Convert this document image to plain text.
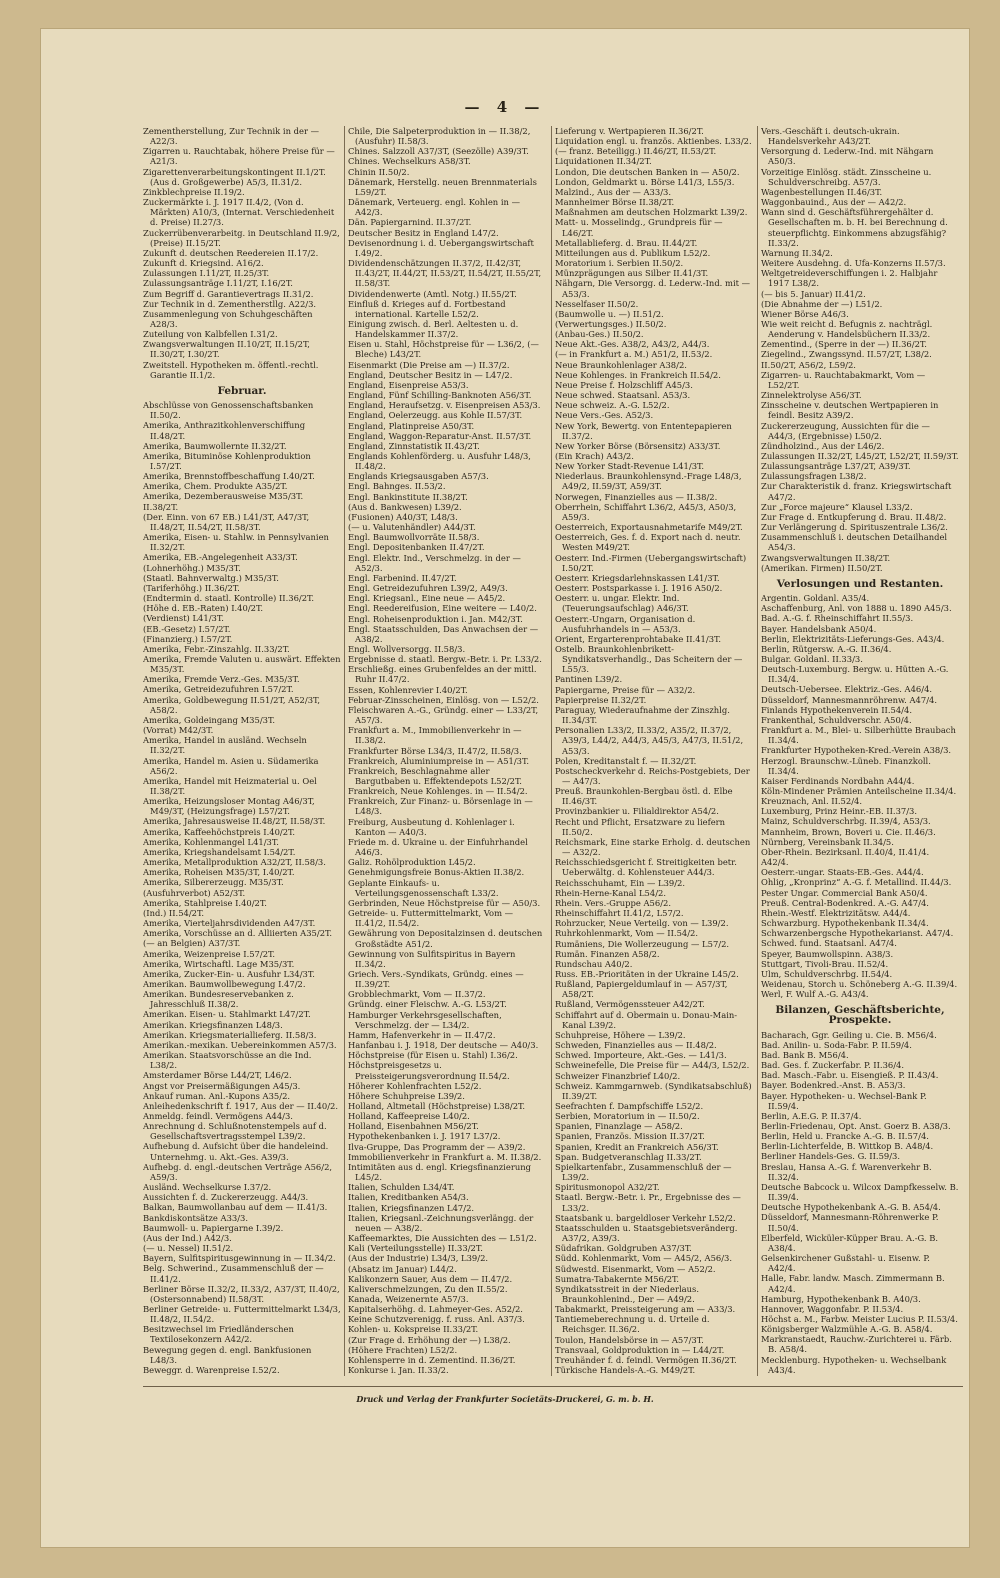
— 4 —

Zementherstellung, Zur Technik in der — A22/3.

Zigarren u. Rauchtabak, höhere Preise für — A21/3.

Zigarettenverarbeitungskontingent II.1/2T. (Aus d. Großgewerbe) A5/3, II.31/2.

Zinkblechpreise II.19/2.

Zuckermärkte i. J. 1917 II.4/2, (Von d. Märkten) A10/3, (Internat. Verschiedenheit d. Preise) II.27/3.

Zuckerrübenverarbeitg. in Deutschland II.9/2, (Preise) II.15/2T.

Zukunft d. deutschen Reedereien II.17/2.

Zukunft d. Kriegsind. A16/2.

Zulassungen I.11/2T, II.25/3T.

Zulassungsanträge I.11/2T, I.16/2T.

Zum Begriff d. Garantievertrags II.31/2.

Zur Technik in d. Zementherstllg. A22/3.

Zusammenlegung von Schuhgeschäften A28/3.

Zuteilung von Kalbfellen I.31/2.

Zwangsverwaltungen II.10/2T, II.15/2T, II.30/2T, I.30/2T.

Zweitstell. Hypotheken m. öffentl.-rechtl. Garantie II.1/2.

Februar.

Abschlüsse von Genossenschaftsbanken II.50/2.

Amerika, Anthrazitkohlenverschiffung II.48/2T.

Amerika, Baumwollernte II.32/2T.

Amerika, Bituminöse Kohlenproduktion I.57/2T.

Amerika, Brennstoffbeschaffung I.40/2T.

Amerika, Chem. Produkte A35/2T.

Amerika, Dezemberausweise M35/3T.

II.38/2T.

(Der. Einn. von 67 EB.) L41/3T, A47/3T, II.48/2T, II.54/2T, II.58/3T.

Amerika, Eisen- u. Stahlw. in Pennsylvanien II.32/2T.

Amerika, EB.-Angelegenheit A33/3T.

(Lohnerhöhg.) M35/3T.

(Staatl. Bahnverwaltg.) M35/3T.

(Tariferhöhg.) II.36/2T.

(Endtermin d. staatl. Kontrolle) II.36/2T.

(Höhe d. EB.-Raten) I.40/2T.

(Verdienst) L41/3T.

(EB.-Gesetz) I.57/2T.

(Finanzierg.) I.57/2T.

Amerika, Febr.-Zinszahlg. II.33/2T.

Amerika, Fremde Valuten u. auswärt. Effekten M35/3T.

Amerika, Fremde Verz.-Ges. M35/3T.

Amerika, Getreidezufuhren I.57/2T.

Amerika, Goldbewegung II.51/2T, A52/3T, A58/2.

Amerika, Goldeingang M35/3T.

(Vorrat) M42/3T.

Amerika, Handel in ausländ. Wechseln II.32/2T.

Amerika, Handel m. Asien u. Südamerika A56/2.

Amerika, Handel mit Heizmaterial u. Oel II.38/2T.

Amerika, Heizungsloser Montag A46/3T, M49/3T, (Heizungsfrage) L57/2T.

Amerika, Jahresausweise II.48/2T, II.58/3T.

Amerika, Kaffeehöchstpreis I.40/2T.

Amerika, Kohlenmangel L41/3T.

Amerika, Kriegshandelsamt I.54/2T.

Amerika, Metallproduktion A32/2T, II.58/3.

Amerika, Roheisen M35/3T, I.40/2T.

Amerika, Silbererzeugg. M35/3T.

(Ausfuhrverbot) A52/3T.

Amerika, Stahlpreise I.40/2T.

(Ind.) II.54/2T.

Amerika, Vierteljahrsdividenden A47/3T.

Amerika, Vorschüsse an d. Alliierten A35/2T.

(— an Belgien) A37/3T.

Amerika, Weizenpreise I.57/2T.

Amerika, Wirtschaftl. Lage M35/3T.

Amerika, Zucker-Ein- u. Ausfuhr L34/3T.

Amerikan. Baumwollbewegung I.47/2.

Amerikan. Bundesreservebanken z. Jahresschluß II.38/2.

Amerikan. Eisen- u. Stahlmarkt L47/2T.

Amerikan. Kriegsfinanzen L48/3.

Amerikan. Kriegsmateriallieferg. II.58/3.

Amerikan.-mexikan. Uebereinkommen A57/3.

Amerikan. Staatsvorschüsse an die Ind. L38/2.

Amsterdamer Börse L44/2T, L46/2.

Angst vor Preisermäßigungen A45/3.

Ankauf ruman. Anl.-Kupons A35/2.

Anleihedenkschrift f. 1917, Aus der — II.40/2.

Anmeldg. feindl. Vermögens A44/3.

Anrechnung d. Schlußnotenstempels auf d. Gesellschaftsvertragsstempel L39/2.

Aufhebung d. Aufsicht über die handeleind. Unternehmg. u. Akt.-Ges. A39/3.

Aufhebg. d. engl.-deutschen Verträge A56/2, A59/3.

Ausländ. Wechselkurse I.37/2.

Aussichten f. d. Zuckererzeugg. A44/3.

Balkan, Baumwollanbau auf dem — II.41/3.

Bankdiskontsätze A33/3.

Baumwoll- u. Papiergarne I.39/2.

(Aus der Ind.) A42/3.

(— u. Nessel) II.51/2.

Bayern, Sulfitspiritusgewinnung in — II.34/2.

Belg. Schwerind., Zusammenschluß der — II.41/2.

Berliner Börse II.32/2, II.33/2, A37/3T, II.40/2, (Ostersonnabend) II.58/3T.

Berliner Getreide- u. Futtermittelmarkt L34/3, II.48/2, II.54/2.

Besitzwechsel im Friedländerschen Textilosekonzern A42/2.

Bewegung gegen d. engl. Bankfusionen L48/3.

Beweggr. d. Warenpreise I.52/2.

Chile, Die Salpeterproduktion in — II.38/2, (Ausfuhr) II.58/3.

Chines. Salzzoll A37/3T, (Seezölle) A39/3T.

Chines. Wechselkurs A58/3T.

Chinin II.50/2.

Dänemark, Herstellg. neuen Brennmaterials L59/2T.

Dänemark, Verteuerg. engl. Kohlen in — A42/3.

Dän. Papiergarnind. II.37/2T.

Deutscher Besitz in England L47/2.

Devisenordnung i. d. Uebergangswirtschaft I.49/2.

Dividendenschätzungen II.37/2, II.42/3T, II.43/2T, II.44/2T, II.53/2T, II.54/2T, II.55/2T, II.58/3T.

Dividendenwerte (Amtl. Notg.) II.55/2T.

Einfluß d. Krieges auf d. Fortbestand international. Kartelle L52/2.

Einigung zwisch. d. Berl. Aeltesten u. d. Handelskammer II.37/2.

Eisen u. Stahl, Höchstpreise für — L36/2, (— Bleche) L43/2T.

Eisenmarkt (Die Preise am —) II.37/2.

England, Deutscher Besitz in — L47/2.

England, Eisenpreise A53/3.

England, Fünf Schilling-Banknoten A56/3T.

England, Heraufsetzg. v. Eisenpreisen A53/3.

England, Oelerzeugg. aus Kohle II.57/3T.

England, Platinpreise A50/3T.

England, Waggon-Reparatur-Anst. II.57/3T.

England, Zinnstatistik II.43/2T.

Englands Kohlenförderg. u. Ausfuhr L48/3, II.48/2.

Englands Kriegsausgaben A57/3.

Engl. Bahnges. II.53/2.

Engl. Bankinstitute II.38/2T.

(Aus d. Bankwesen) L39/2.

(Fusionen) A40/3T, L48/3.

(— u. Valutenhändler) A44/3T.

Engl. Baumwollvorräte II.58/3.

Engl. Depositenbanken II.47/2T.

Engl. Elektr. Ind., Verschmelzg. in der — A52/3.

Engl. Farbenind. II.47/2T.

Engl. Getreidezufuhren L39/2, A49/3.

Engl. Kriegsanl., Eine neue — A45/2.

Engl. Reedereifusion, Eine weitere — L40/2.

Engl. Roheisenproduktion i. Jan. M42/3T.

Engl. Staatsschulden, Das Anwachsen der — A38/2.

Engl. Wollversorgg. II.58/3.

Ergebnisse d. staatl. Bergw.-Betr. i. Pr. L33/2.

Erschließg. eines Grubenfeldes an der mittl. Ruhr II.47/2.

Essen, Kohlenrevier I.40/2T.

Februar-Zinsscheinen, Einlösg. von — L52/2.

Fleischwaren A.-G., Gründg. einer — L33/2T, A57/3.

Frankfurt a. M., Immobilienverkehr in — II.38/2.

Frankfurter Börse L34/3, II.47/2, II.58/3.

Frankreich, Aluminiumpreise in — A51/3T.

Frankreich, Beschlagnahme aller Bargutbaben u. Effektendepots L52/2T.

Frankreich, Neue Kohlenges. in — II.54/2.

Frankreich, Zur Finanz- u. Börsenlage in — L48/3.

Freiburg, Ausbeutung d. Kohlenlager i. Kanton — A40/3.

Friede m. d. Ukraine u. der Einfuhrhandel A46/3.

Galiz. Rohölproduktion L45/2.

Genehmigungsfreie Bonus-Aktien II.38/2.

Geplante Einkaufs- u. Verteilungsgenossenschaft L33/2.

Gerbrinden, Neue Höchstpreise für — A50/3.

Getreide- u. Futtermittelmarkt, Vom — II.41/2, II.54/2.

Gewährung von Depositalzinsen d. deutschen Großstädte A51/2.

Gewinnung von Sulfitspiritus in Bayern II.34/2.

Griech. Vers.-Syndikats, Gründg. eines — II.39/2T.

Grobblechmarkt, Vom — II.37/2.

Gründg. einer Fleischw. A.-G. L53/2T.

Hamburger Verkehrsgesellschaften, Verschmelzg. der — L34/2.

Hamm, Hafenverkehr in — II.47/2.

Hanfanbau i. J. 1918, Der deutsche — A40/3.

Höchstpreise (für Eisen u. Stahl) I.36/2.

Höchstpreisgesetzs u. Preissteigerungsverordnung II.54/2.

Höherer Kohlenfrachten L52/2.

Höhere Schuhpreise L39/2.

Holland, Altmetall (Höchstpreise) L38/2T.

Holland, Kaffeepreise L40/2.

Holland, Eisenbahnen M56/2T.

Hypothekenbanken i. J. 1917 L37/2.

Ilva-Gruppe, Das Programm der — A39/2.

Immobilienverkehr in Frankfurt a. M. II.38/2.

Intimitäten aus d. engl. Kriegsfinanzierung L45/2.

Italien, Schulden L34/4T.

Italien, Kreditbanken A54/3.

Italien, Kriegsfinanzen L47/2.

Italien, Kriegsanl.-Zeichnungsverlängg. der neuen — A38/2.

Kaffeemarktes, Die Aussichten des — L51/2.

Kali (Verteilungsstelle) II.33/2T.

(Aus der Industrie) L34/3, L39/2.

(Absatz im Januar) L44/2.

Kalikonzern Sauer, Aus dem — II.47/2.

Kaliverschmelzungen, Zu den II.55/2.

Kanada, Weizenernte A57/3.

Kapitalserhöhg. d. Lahmeyer-Ges. A52/2.

Keine Schutzverenigg. f. russ. Anl. A37/3.

Kohlen- u. Kokspreise II.33/2T.

(Zur Frage d. Erhöhung der —) L38/2.

(Höhere Frachten) L52/2.

Kohlensperre in d. Zementind. II.36/2T.

Konkurse i. Jan. II.33/2.

Lieferung v. Wertpapieren II.36/2T.

Liquidation engl. u. französ. Aktienbes. L33/2.

(— franz. Beteiligg.) II.46/2T, II.53/2T.

Liquidationen II.34/2T.

London, Die deutschen Banken in — A50/2.

London, Geldmarkt u. Börse L41/3, L55/3.

Malzind., Aus der — A33/3.

Mannheimer Börse II.38/2T.

Maßnahmen am deutschen Holzmarkt L39/2.

Matt- u. Mosselindg., Grundpreis für — L46/2T.

Metallablieferg. d. Brau. II.44/2T.

Mitteilungen aus d. Publikum L52/2.

Moratorium i. Serbien II.50/2.

Münzprägungen aus Silber II.41/3T.

Nähgarn, Die Versorgg. d. Lederw.-Ind. mit — A53/3.

Nesselfaser II.50/2.

(Baumwolle u. —) II.51/2.

(Verwertungsges.) II.50/2.

(Anbau-Ges.) II.50/2.

Neue Akt.-Ges. A38/2, A43/2, A44/3.

(— in Frankfurt a. M.) A51/2, II.53/2.

Neue Braunkohlenlager A38/2.

Neue Kohlenges. in Frankreich II.54/2.

Neue Preise f. Holzschliff A45/3.

Neue schwed. Staatsanl. A53/3.

Neue schweiz. A.-G. L52/2.

Neue Vers.-Ges. A52/3.

New York, Bewertg. von Ententepapieren II.37/2.

New Yorker Börse (Börsensitz) A33/3T.

(Ein Krach) A43/2.

New Yorker Stadt-Revenue L41/3T.

Niederlaus. Braunkohlensynd.-Frage L48/3, A49/2, II.59/3T, A59/3T.

Norwegen, Finanzielles aus — II.38/2.

Oberrhein, Schiffahrt L36/2, A45/3, A50/3, A59/3.

Oesterreich, Exportausnahmetarife M49/2T.

Oesterreich, Ges. f. d. Export nach d. neutr. Westen M49/2T.

Oesterr. Ind.-Firmen (Uebergangswirtschaft) I.50/2T.

Oesterr. Kriegsdarlehnskassen L41/3T.

Oesterr. Postsparkasse i. J. 1916 A50/2.

Oesterr. u. ungar. Elektr. Ind. (Teuerungsaufschlag) A46/3T.

Oesterr.-Ungarn, Organisation d. Ausfuhrhandels in — A53/3.

Orient, Ergarterenprohtabake II.41/3T.

Ostelb. Braunkohlenbrikett-Syndikatsverhandlg., Das Scheitern der — L55/3.

Pantinen L39/2.

Papiergarne, Preise für — A32/2.

Papierpreise II.32/2T.

Paraguay, Wiederaufnahme der Zinszhlg. II.34/3T.

Personalien L33/2, II.33/2, A35/2, II.37/2, A39/3, L44/2, A44/3, A45/3, A47/3, II.51/2, A53/3.

Polen, Kreditanstalt f. — II.32/2T.

Postscheckverkehr d. Reichs-Postgebiets, Der — A47/3.

Preuß. Braunkohlen-Bergbau östl. d. Elbe II.46/3T.

Provinzbankier u. Filialdirektor A54/2.

Recht und Pflicht, Ersatzware zu liefern II.50/2.

Reichsmark, Eine starke Erholg. d. deutschen — A32/2.

Reichsschiedsgericht f. Streitigkeiten betr. Ueberwältg. d. Kohlensteuer A44/3.

Reichsschuhamt, Ein — L39/2.

Rhein-Herne-Kanal L54/2.

Rhein. Vers.-Gruppe A56/2.

Rheinschiffahrt II.41/2, L57/2.

Rohrzucker, Neue Verteilg. von — L39/2.

Ruhrkohlenmarkt, Vom — II.54/2.

Rumäniens, Die Wollerzeugung — L57/2.

Rumän. Finanzen A58/2.

Rundschau A40/2.

Russ. EB.-Prioritäten in der Ukraine L45/2.

Rußland, Papiergeldumlauf in — A57/3T, A58/2T.

Rußland, Vermögenssteuer A42/2T.

Schiffahrt auf d. Obermain u. Donau-Main-Kanal L39/2.

Schuhpreise, Höhere — L39/2.

Schweden, Finanzielles aus — II.48/2.

Schwed. Importeure, Akt.-Ges. — L41/3.

Schweinefelle, Die Preise für — A44/3, L52/2.

Schweizer Finanzbrief L40/2.

Schweiz. Kammgarnweb. (Syndikatsabschluß) II.39/2T.

Seefrachten f. Dampfschiffe L52/2.

Serbien, Moratorium in — II.50/2.

Spanien, Finanzlage — A58/2.

Spanien, Französ. Mission II.37/2T.

Spanien, Kredit an Frankreich A56/3T.

Span. Budgetveranschlag II.33/2T.

Spielkartenfabr., Zusammenschluß der — L39/2.

Spiritusmonopol A32/2T.

Staatl. Bergw.-Betr. i. Pr., Ergebnisse des — L33/2.

Staatsbank u. bargeldloser Verkehr L52/2.

Staatsschulden u. Staatsgebietsveränderg. A37/2, A39/3.

Südafrikan. Goldgruben A37/3T.

Südd. Kohlenmarkt, Vom — A45/2, A56/3.

Südwestd. Eisenmarkt, Vom — A52/2.

Sumatra-Tabakernte M56/2T.

Syndikatsstreit in der Niederlaus. Braunkohlenind., Der — A49/2.

Tabakmarkt, Preissteigerung am — A33/3.

Tantiemeberechnung u. d. Urteile d. Reichsger. II.36/2.

Toulon, Handelsbörse in — A57/3T.

Transvaal, Goldproduktion in — L44/2T.

Treuhänder f. d. feindl. Vermögen II.36/2T.

Türkische Handels-A.-G. M49/2T.

Vers.-Geschäft i. deutsch-ukrain. Handelsverkehr A43/2T.

Versorgung d. Lederw.-Ind. mit Nähgarn A50/3.

Vorzeitige Einlösg. städt. Zinsscheine u. Schuldverschreibg. A57/3.

Wagenbestellungen II.46/3T.

Waggonbauind., Aus der — A42/2.

Wann sind d. Geschäftsführergehälter d. Gesellschaften m. b. H. bei Berechnung d. steuerpflichtg. Einkommens abzugsfähig? II.33/2.

Warnung II.34/2.

Weitere Ausdehng. d. Ufa-Konzerns II.57/3.

Weltgetreideverschiffungen i. 2. Halbjahr 1917 L38/2.

(— bis 5. Januar) II.41/2.

(Die Abnahme der —) L51/2.

Wiener Börse A46/3.

Wie weit reicht d. Befugnis z. nachträgl. Aenderung v. Handelsbüchern II.33/2.

Zementind., (Sperre in der —) II.36/2T.

Ziegelind., Zwangssynd. II.57/2T, L38/2.

II.50/2T, A56/2, L59/2.

Zigarren- u. Rauchtabakmarkt, Vom — L52/2T.

Zinnelektrolyse A56/3T.

Zinsscheine v. deutschen Wertpapieren in feindl. Besitz A39/2.

Zuckererzeugung, Aussichten für die — A44/3, (Ergebnisse) L50/2.

Zündholzind., Aus der L46/2.

Zulassungen II.32/2T, L45/2T, L52/2T, II.59/3T.

Zulassungsanträge L37/2T, A39/3T.

Zulassungsfragen L38/2.

Zur Charakteristik d. franz. Kriegswirtschaft A47/2.

Zur „Force majeure“ Klausel L33/2.

Zur Frage d. Entkupferung d. Brau. II.48/2.

Zur Verlängerung d. Spirituszentrale L36/2.

Zusammenschluß i. deutschen Detailhandel A54/3.

Zwangsverwaltungen II.38/2T.

(Amerikan. Firmen) II.50/2T.

Verlosungen und Restanten.

Argentin. Goldanl. A35/4.

Aschaffenburg, Anl. von 1888 u. 1890 A45/3.

Bad. A.-G. f. Rheinschiffahrt II.55/3.

Bayer. Handelsbank A50/4.

Berlin, Elektrizitäts-Lieferungs-Ges. A43/4.

Berlin, Rütgersw. A.-G. II.36/4.

Bulgar. Goldanl. II.33/3.

Deutsch-Luxemburg. Bergw. u. Hütten A.-G. II.34/4.

Deutsch-Uebersee. Elektriz.-Ges. A46/4.

Düsseldorf, Mannesmannröhrenw. A47/4.

Finlands Hypothekenverein II.54/4.

Frankenthal, Schuldverschr. A50/4.

Frankfurt a. M., Blei- u. Silberhütte Braubach II.34/4.

Frankfurter Hypotheken-Kred.-Verein A38/3.

Herzogl. Braunschw.-Lüneb. Finanzkoll. II.34/4.

Kaiser Ferdinands Nordbahn A44/4.

Köln-Mindener Prämien Anteilscheine II.34/4.

Kreuznach, Anl. II.52/4.

Luxemburg, Prinz Heinr.-EB. II.37/3.

Mainz, Schuldverschrbg. II.39/4, A53/3.

Mannheim, Brown, Boveri u. Cie. II.46/3.

Nürnberg, Vereinsbank II.34/5.

Ober-Rhein. Bezirksanl. II.40/4, II.41/4.

A42/4.

Oesterr.-ungar. Staats-EB.-Ges. A44/4.

Ohlig, „Kronprinz“ A.-G. f. Metallind. II.44/3.

Pester Ungar. Commercial Bank A50/4.

Preuß. Central-Bodenkred. A.-G. A47/4.

Rhein.-Westf. Elektrizitätsw. A44/4.

Schwarzburg. Hypothekenbank II.34/4.

Schwarzenbergsche Hypothekarianst. A47/4.

Schwed. fund. Staatsanl. A47/4.

Speyer, Baumwollspinn. A38/3.

Stuttgart, Tivoli-Brau. II.52/4.

Ulm, Schuldverschrbg. II.54/4.

Weidenau, Storch u. Schöneberg A.-G. II.39/4.

Werl, F. Wulf A.-G. A43/4.

Bilanzen, Geschäftsberichte, Prospekte.

Bacharach, Ggr. Geiling u. Cie. B. M56/4.

Bad. Anilin- u. Soda-Fabr. P. II.59/4.

Bad. Bank B. M56/4.

Bad. Ges. f. Zuckerfabr. P. II.36/4.

Bad. Masch.-Fabr. u. Eisengieß. P. II.43/4.

Bayer. Bodenkred.-Anst. B. A53/3.

Bayer. Hypotheken- u. Wechsel-Bank P. II.59/4.

Berlin, A.E.G. P. II.37/4.

Berlin-Friedenau, Opt. Anst. Goerz B. A38/3.

Berlin, Held u. Francke A.-G. B. II.57/4.

Berlin-Lichterfelde, B. Wittkop B. A48/4.

Berliner Handels-Ges. G. II.59/3.

Breslau, Hansa A.-G. f. Warenverkehr B. II.32/4.

Deutsche Babcock u. Wilcox Dampfkesselw. B. II.39/4.

Deutsche Hypothekenbank A.-G. B. A54/4.

Düsseldorf, Mannesmann-Röhrenwerke P. II.50/4.

Elberfeld, Wicküler-Küpper Brau. A.-G. B. A38/4.

Gelsenkirchener Gußstahl- u. Eisenw. P. A42/4.

Halle, Fabr. landw. Masch. Zimmermann B. A42/4.

Hamburg, Hypothekenbank B. A40/3.

Hannover, Waggonfabr. P. II.53/4.

Höchst a. M., Farbw. Meister Lucius P. II.53/4.

Königsberger Walzmühle A.-G. B. A58/4.

Markranstaedt, Rauchw.-Zurichterei u. Färb. B. A58/4.

Mecklenburg. Hypotheken- u. Wechselbank A43/4.

Druck und Verlag der Frankfurter Societäts-Druckerei, G. m. b. H.
